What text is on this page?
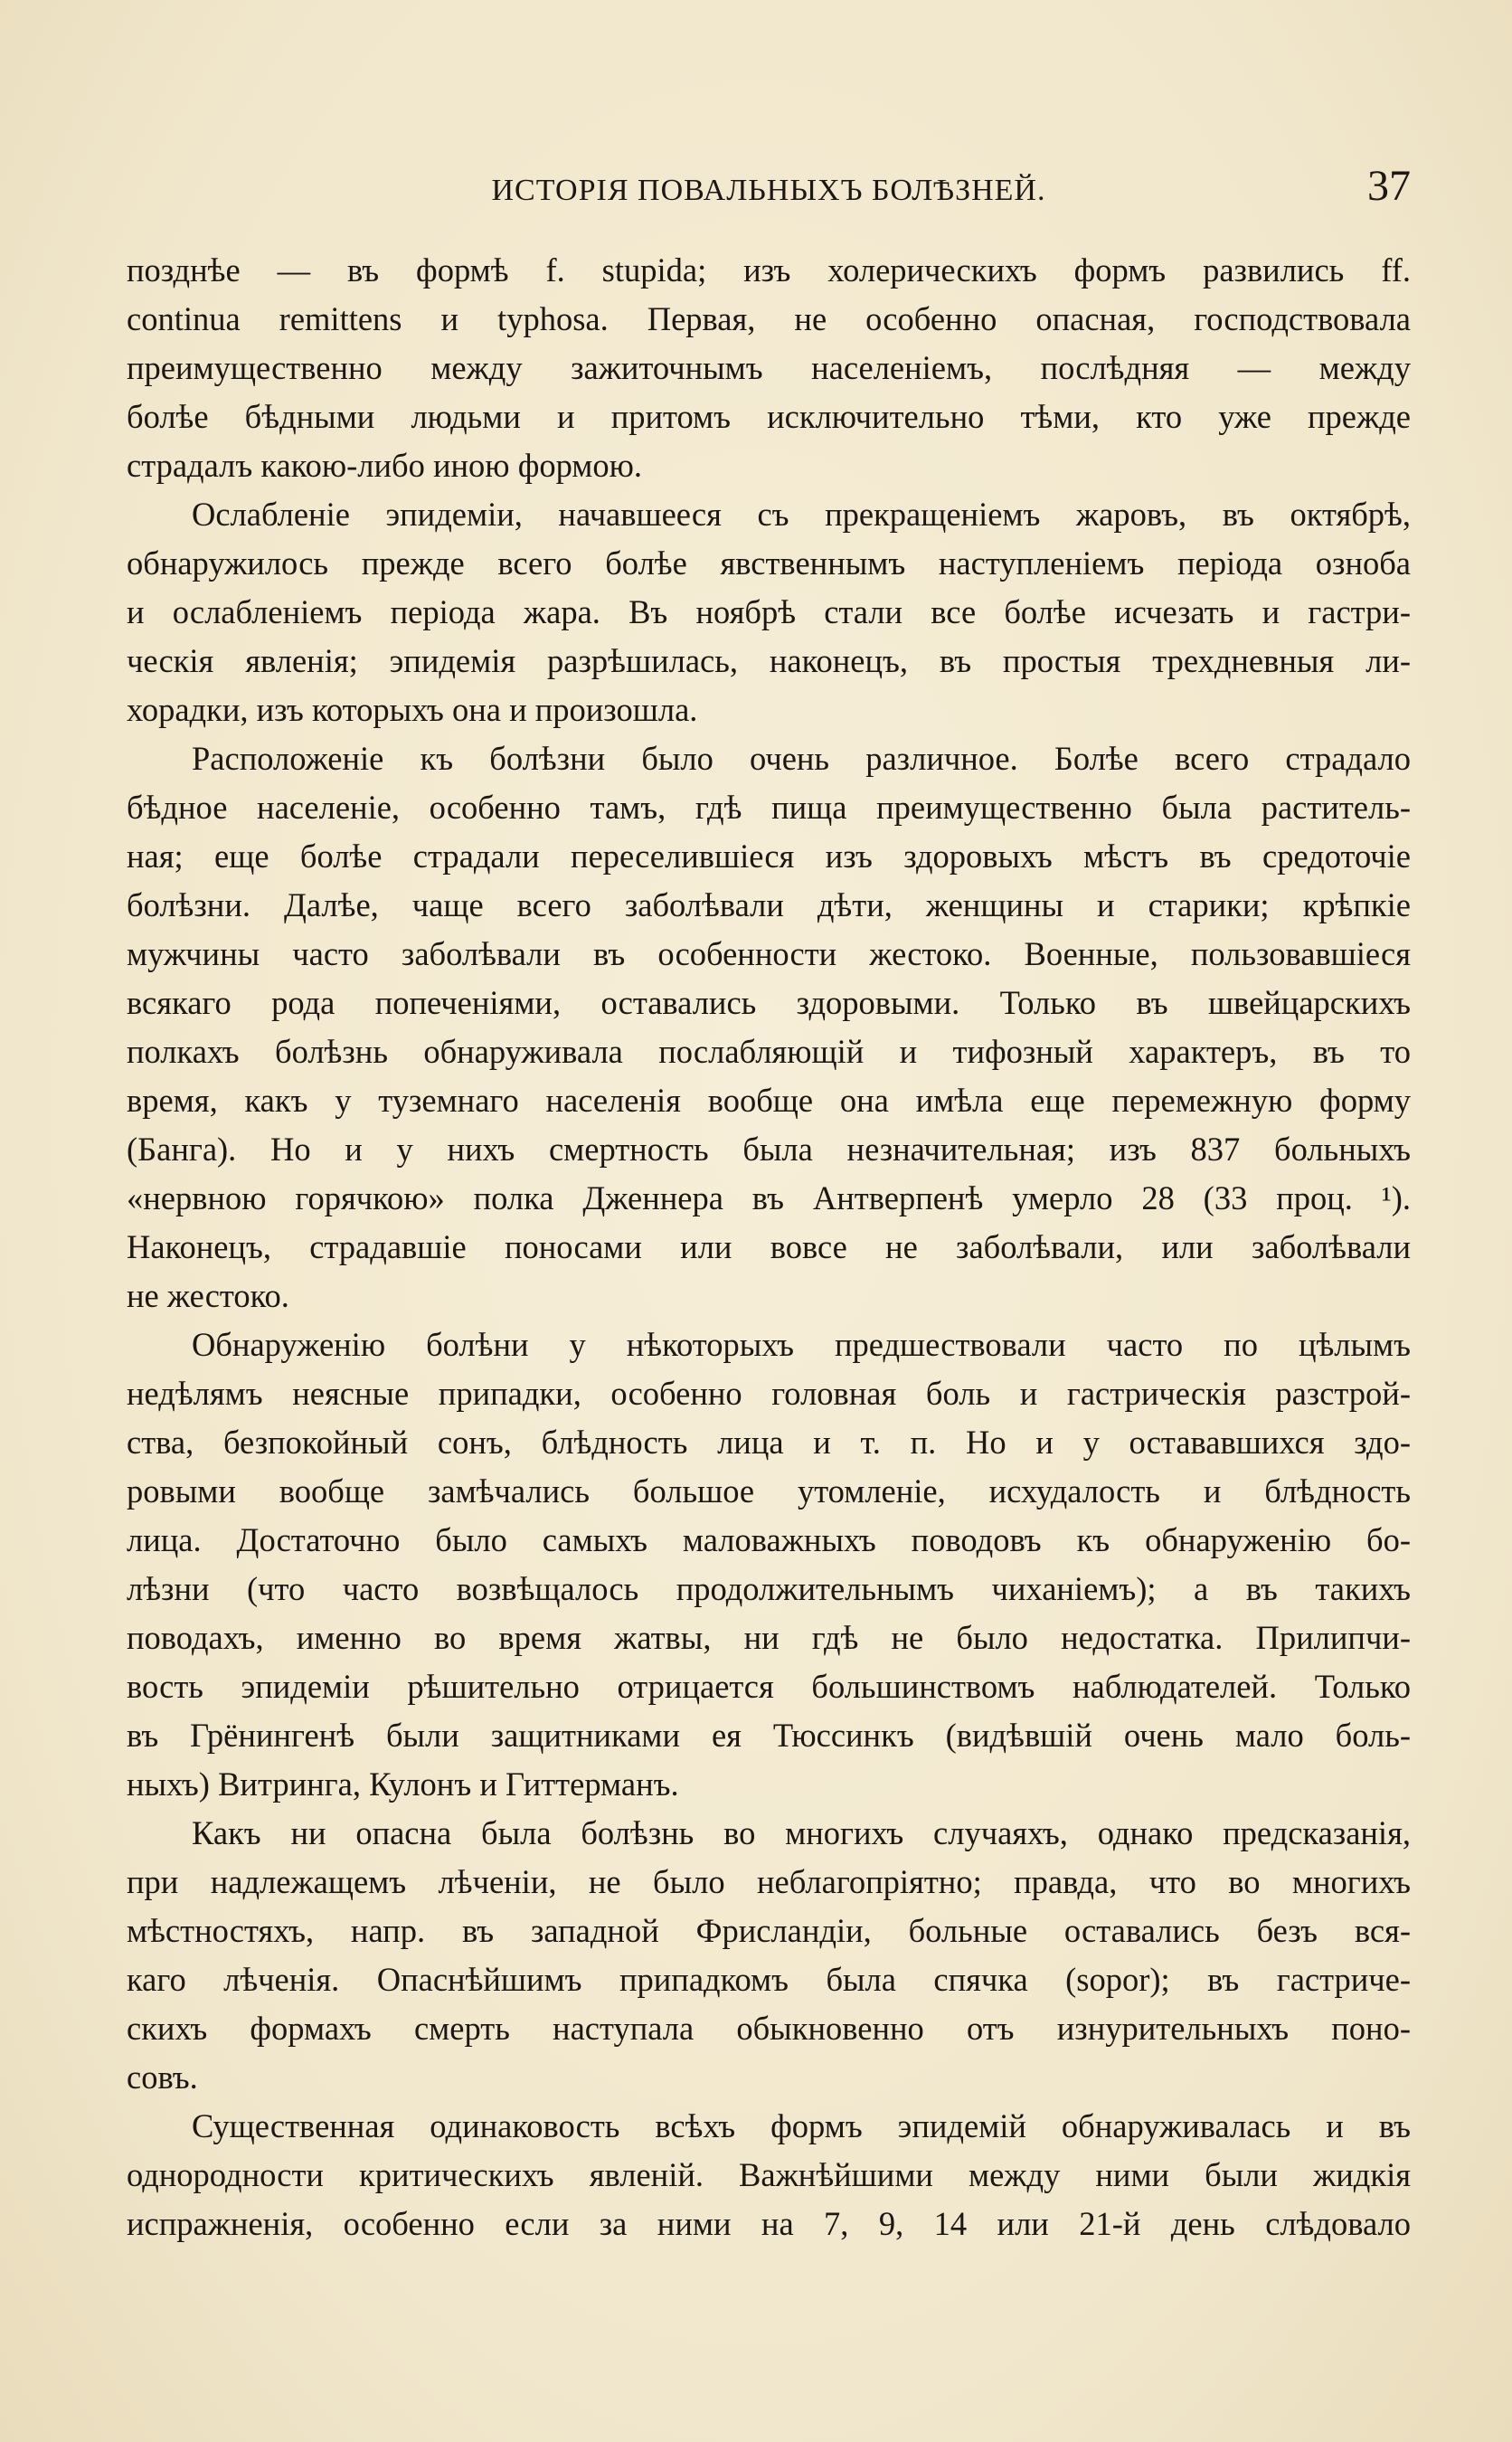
ИСТОРІЯ ПОВАЛЬНЫХЪ БОЛѢЗНЕЙ.	37
позднѣе — въ формѣ f. stupida; изъ холерическихъ формъ развились ff.
continua remittens и typhosa. Первая, не особенно опасная, господствовала
преимущественно между зажиточнымъ населеніемъ, послѣдняя — между
болѣе бѣдными людьми и притомъ исключительно тѣми, кто уже прежде
страдалъ какою-либо иною формою.
Ослабленіе эпидеміи, начавшееся съ прекращеніемъ жаровъ, въ октябрѣ,
обнаружилось прежде всего болѣе явственнымъ наступленіемъ періода озноба
и ослабленіемъ періода жара. Въ ноябрѣ стали все болѣе исчезать и гастри-
ческія явленія; эпидемія разрѣшилась, наконецъ, въ простыя трехдневныя ли-
хорадки, изъ которыхъ она и произошла.
Расположеніе къ болѣзни было очень различное. Болѣе всего страдало
бѣдное населеніе, особенно тамъ, гдѣ пища преимущественно была раститель-
ная; еще болѣе страдали переселившіеся изъ здоровыхъ мѣстъ въ средоточіе
болѣзни. Далѣе, чаще всего заболѣвали дѣти, женщины и старики; крѣпкіе
мужчины часто заболѣвали въ особенности жестоко. Военные, пользовавшіеся
всякаго рода попеченіями, оставались здоровыми. Только въ швейцарскихъ
полкахъ болѣзнь обнаруживала послабляющій и тифозный характеръ, въ то
время, какъ у туземнаго населенія вообще она имѣла еще перемежную форму
(Банга). Но и у нихъ смертность была незначительная; изъ 837 больныхъ
«нервною горячкою» полка Дженнера въ Антверпенѣ умерло 28 (33 проц. ¹).
Наконецъ, страдавшіе поносами или вовсе не заболѣвали, или заболѣвали
не жестоко.
Обнаруженію болѣни у нѣкоторыхъ предшествовали часто по цѣлымъ
недѣлямъ неясные припадки, особенно головная боль и гастрическія разстрой-
ства, безпокойный сонъ, блѣдность лица и т. п. Но и у остававшихся здо-
ровыми вообще замѣчались большое утомленіе, исхудалость и блѣдность
лица. Достаточно было самыхъ маловажныхъ поводовъ къ обнаруженію бо-
лѣзни (что часто возвѣщалось продолжительнымъ чиханіемъ); а въ такихъ
поводахъ, именно во время жатвы, ни гдѣ не было недостатка. Прилипчи-
вость эпидеміи рѣшительно отрицается большинствомъ наблюдателей. Только
въ Грёнингенѣ были защитниками ея Тюссинкъ (видѣвшій очень мало боль-
ныхъ) Витринга, Кулонъ и Гиттерманъ.
Какъ ни опасна была болѣзнь во многихъ случаяхъ, однако предсказанія,
при надлежащемъ лѣченіи, не было неблагопріятно; правда, что во многихъ
мѣстностяхъ, напр. въ западной Фрисландіи, больные оставались безъ вся-
каго лѣченія. Опаснѣйшимъ припадкомъ была спячка (sopor); въ гастриче-
скихъ формахъ смерть наступала обыкновенно отъ изнурительныхъ поно-
совъ.
Существенная одинаковость всѣхъ формъ эпидемій обнаруживалась и въ
однородности критическихъ явленій. Важнѣйшими между ними были жидкія
испражненія, особенно если за ними на 7, 9, 14 или 21-й день слѣдовало
